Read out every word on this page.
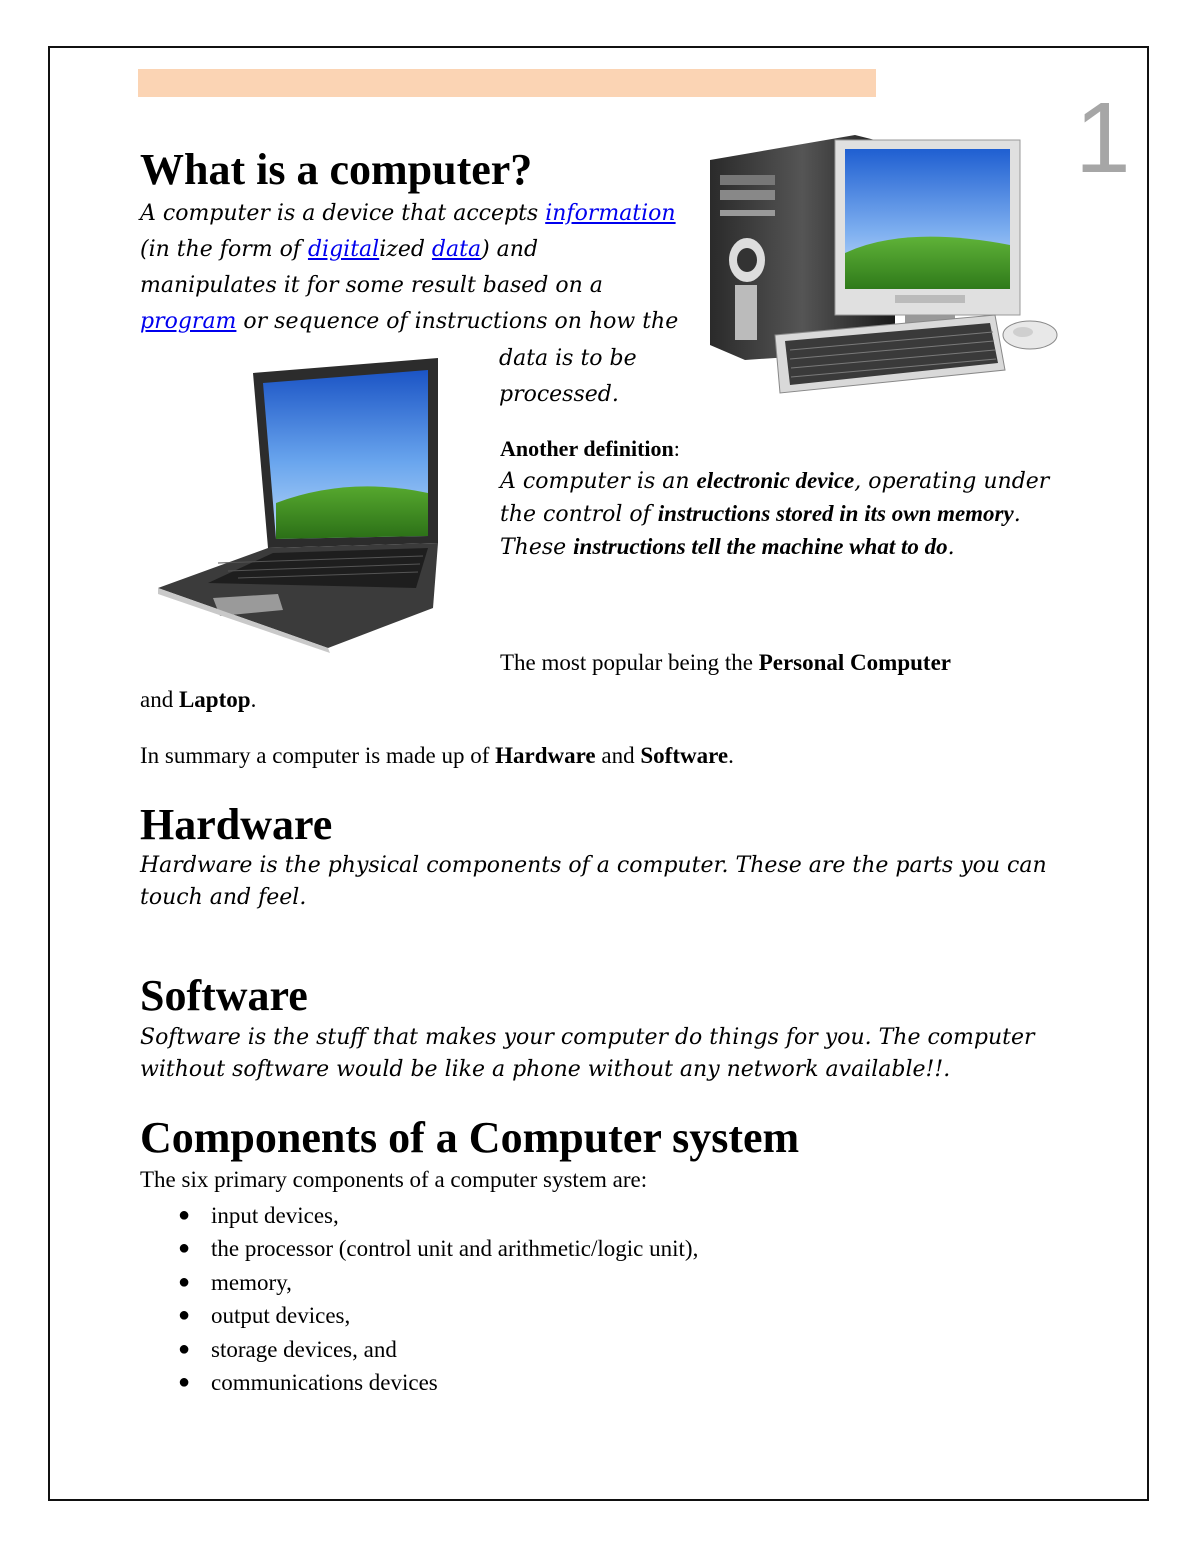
1
What is a computer?
A computer is a device that accepts information (in the form of digitalized data) and manipulates it for some result based on a program or sequence of instructions on how the
data is to be processed.
Another definition:
A computer is an electronic device, operating under the control of instructions stored in its own memory. These instructions tell the machine what to do.
The most popular being the Personal Computer
and Laptop.
In summary a computer is made up of Hardware and Software.
Hardware
Hardware is the physical components of a computer. These are the parts you can touch and feel.
Software
Software is the stuff that makes your computer do things for you. The computer without software would be like a phone without any network available!!.
Components of a Computer system
The six primary components of a computer system are:
● input devices,
● the processor (control unit and arithmetic/logic unit),
● memory,
● output devices,
● storage devices, and
● communications devices
